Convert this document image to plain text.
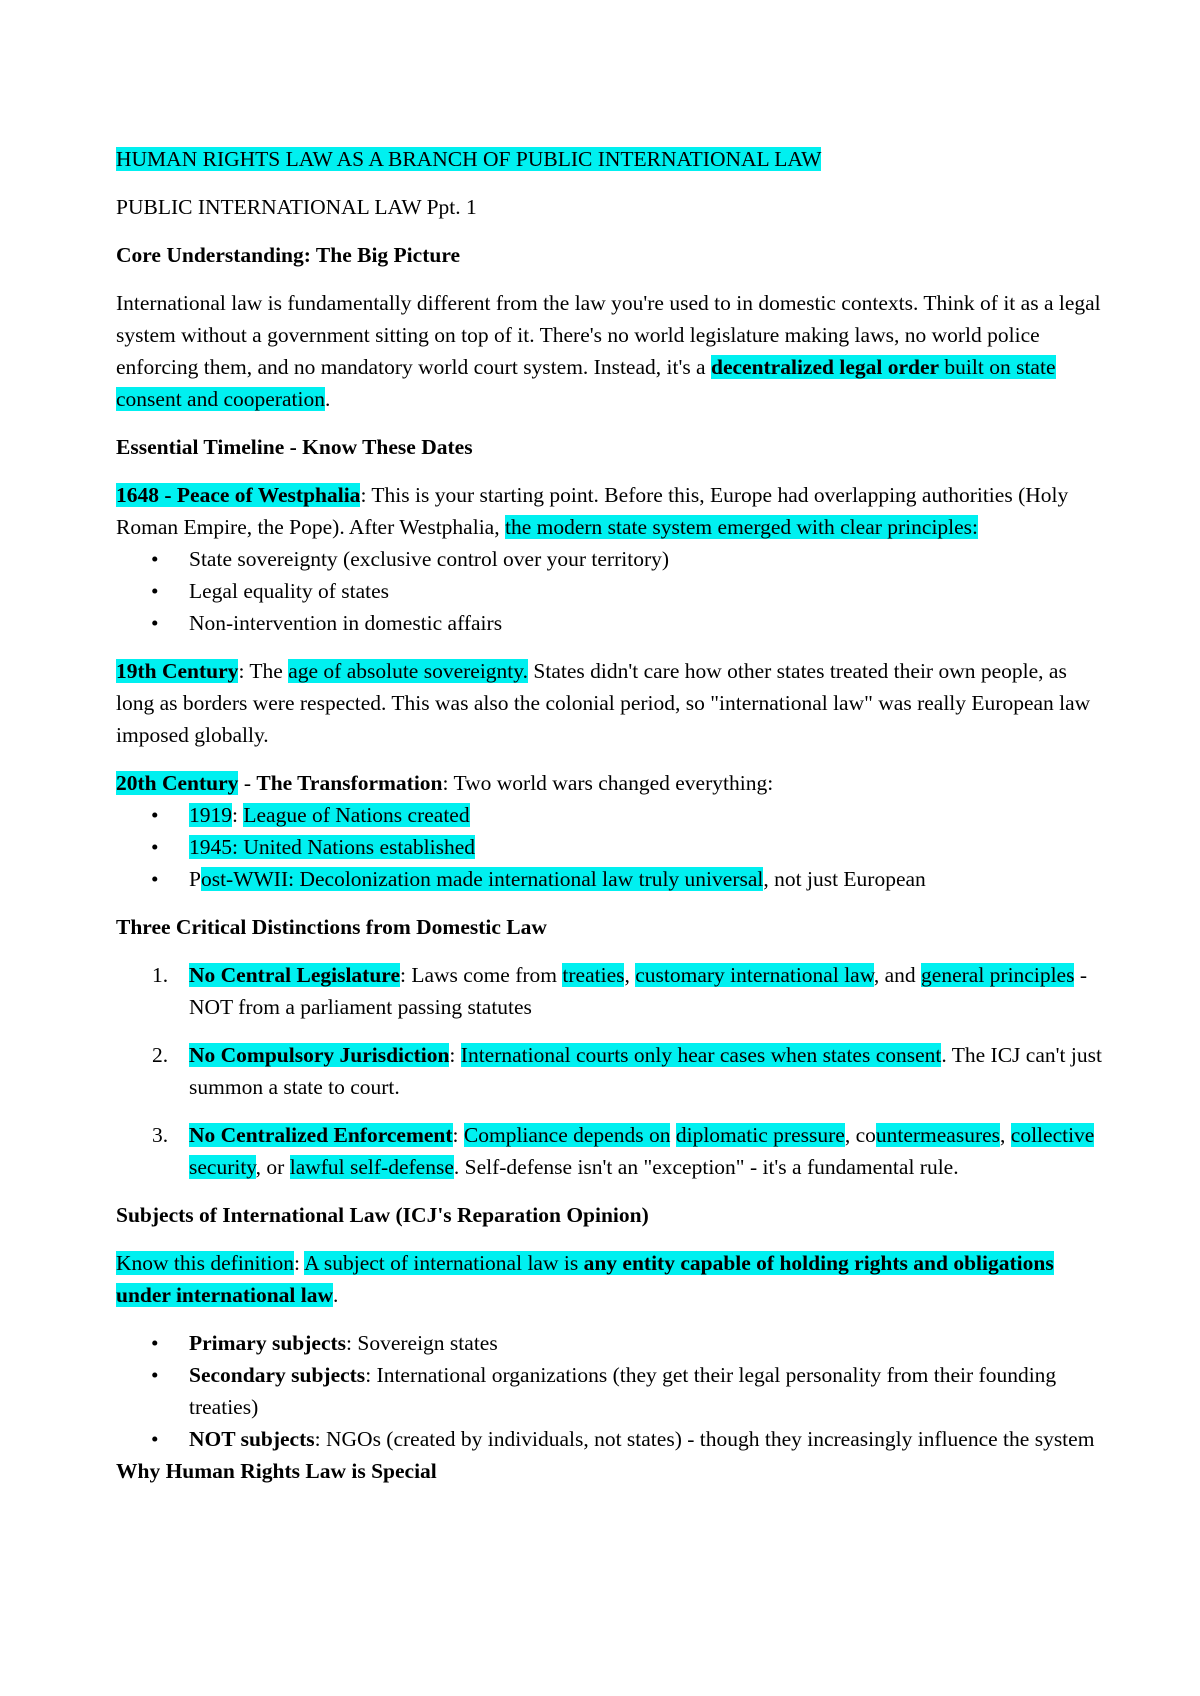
HUMAN RIGHTS LAW AS A BRANCH OF PUBLIC INTERNATIONAL LAW

PUBLIC INTERNATIONAL LAW Ppt. 1

Core Understanding: The Big Picture

International law is fundamentally different from the law you're used to in domestic contexts. Think of it as a legal system without a government sitting on top of it. There's no world legislature making laws, no world police enforcing them, and no mandatory world court system. Instead, it's a decentralized legal order built on state consent and cooperation.

Essential Timeline - Know These Dates

1648 - Peace of Westphalia: This is your starting point. Before this, Europe had overlapping authorities (Holy Roman Empire, the Pope). After Westphalia, the modern state system emerged with clear principles:

• State sovereignty (exclusive control over your territory)
• Legal equality of states
• Non-intervention in domestic affairs

19th Century: The age of absolute sovereignty. States didn't care how other states treated their own people, as long as borders were respected. This was also the colonial period, so "international law" was really European law imposed globally.

20th Century - The Transformation: Two world wars changed everything:

• 1919: League of Nations created
• 1945: United Nations established
• Post-WWII: Decolonization made international law truly universal, not just European

Three Critical Distinctions from Domestic Law

1. No Central Legislature: Laws come from treaties, customary international law, and general principles - NOT from a parliament passing statutes
2. No Compulsory Jurisdiction: International courts only hear cases when states consent. The ICJ can't just summon a state to court.
3. No Centralized Enforcement: Compliance depends on diplomatic pressure, countermeasures, collective security, or lawful self-defense. Self-defense isn't an "exception" - it's a fundamental rule.

Subjects of International Law (ICJ's Reparation Opinion)

Know this definition: A subject of international law is any entity capable of holding rights and obligations under international law.

• Primary subjects: Sovereign states
• Secondary subjects: International organizations (they get their legal personality from their founding treaties)
• NOT subjects: NGOs (created by individuals, not states) - though they increasingly influence the system

Why Human Rights Law is Special
